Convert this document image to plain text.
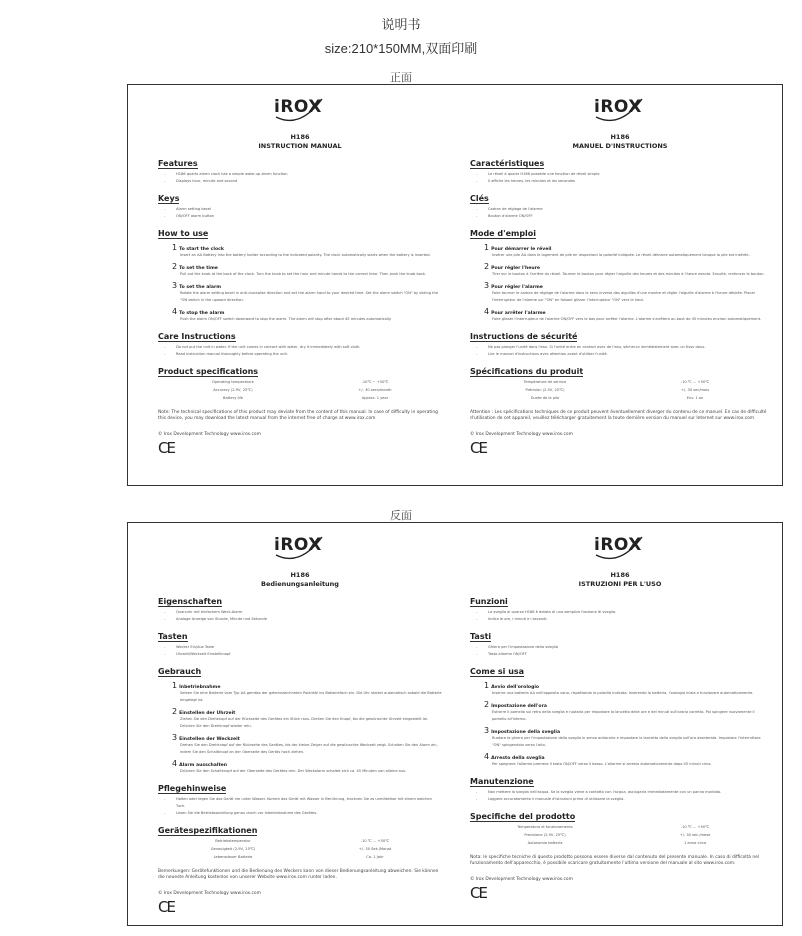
说明书
size:210*150MM,双面印刷
正面
反面
iROX
H186
INSTRUCTION MANUAL
Features
- H186 quartz alarm clock has a simple wake-up alarm function
- Displays hour, minute and second
Keys
- Alarm setting bezel
- ON/OFF alarm button
How to use
1 To start the clock
Insert an AA Battery into the battery holder according to the indicated polarity. The clock automatically starts when the battery is inserted.
2 To set the time
Pull out the knob at the back of the clock. Turn the knob to set the hour and minute hands to the correct time. Then push the knob back.
3 To set the alarm
Rotate the alarm setting bezel in anti-clockwise direction and set the alarm hand to your desired time. Set the alarm switch "ON" by sliding the "ON switch in the upward direction.
4 To stop the alarm
Push the alarm ON/OFF switch downward to stop the alarm. The alarm will stop after about 45 minutes automatically.
Care Instructions
- Do not put the unit in water. If the unit comes in contact with water, dry it immediately with soft cloth.
- Read instruction manual thoroughly before operating the unit.
Product specifications
Operating temperature	-10℃ ~ +50℃
Accuracy (2.9V, 25℃)	+/- 30 secs/month
Battery life	Approx. 1 year
Note: The technical specifications of this product may deviate from the content of this manual. In case of difficulty in operating this device, you may download the latest manual from the internet free of charge at www.irox.com
© Irox Development Technology www.irox.com
CE
iROX
H186
MANUEL D'INSTRUCTIONS
Caractéristiques
- Le réveil à quartz H186 possède une fonction de réveil simple
- Il affiche les heures, les minutes et les secondes
Clés
- Cadran de réglage de l'alarme
- Bouton d'alarme ON/OFF
Mode d'emploi
1 Pour démarrer le réveil
Insérer une pile AA dans le logement de pile en respectant la polarité indiquée. Le réveil démarre automatiquement lorsque la pile est insérée.
2 Pour régler l'heure
Tirer sur le bouton à l'arrière du réveil. Tourner le bouton pour régler l'aiguille des heures et des minutes à l'heure exacte. Ensuite, renfoncer le bouton.
3 Pour régler l'alarme
Faire tourner le cadran de réglage de l'alarme dans le sens inverse des aiguilles d'une montre et régler l'aiguille d'alarme à l'heure désirée. Placer l'interrupteur de l'alarme sur "ON" en faisant glisser l'interrupteur "ON" vers le haut.
4 Pour arrêter l'alarme
Faire glisser l'interrupteur de l'alarme ON/OFF vers le bas pour arrêter l'alarme. L'alarme s'arrêtera au bout de 45 minutes environ automatiquement.
Instructions de sécurité
- Ne pas plonger l'unité dans l'eau. Si l'unité entre en contact avec de l'eau, sécher-la immédiatement avec un tissu doux.
- Lire le manuel d'instructions avec attention avant d'utiliser l'unité.
Spécifications du produit
Température de service	-10 ℃ ... +50℃
Précision (2.5V, 25℃)	+/- 30 sec/mois
Durée de la pile	Env. 1 an
Attention : Les spécifications techniques de ce produit peuvent éventuellement diverger du contenu de ce manuel. En cas de difficulté d'utilisation de cet appareil, veuillez télécharger gratuitement la toute dernière version du manuel sur Internet sur www.irox.com
© Irox Development Technology www.irox.com
CE
iROX
H186
Bedienungsanleitung
Eigenschaften
- Quarzuhr mit einfachem Weck-Alarm
- Analoge Anzeige von Stunde, Minute und Sekunde
Tasten
- Wecker Ein/Aus Taste
- Uhrzeit/Weckzeit Einstellknopf
Gebrauch
1 Inbetriebnahme
Setzen Sie eine Batterie vom Typ AA gemäss der gekennzeichneten Polarität ins Batteriefach ein. Die Uhr startet automatisch sobald die Batterie eingelegt ist.
2 Einstellen der Uhrzeit
Ziehen Sie den Drehknopf auf der Rückseite des Gerätes ein Stück raus. Drehen Sie den Knopf, bis die gewünschte Uhrzeit eingestellt ist. Drücken Sie den Drehknopf wieder rein.
3 Einstellen der Weckzeit
Drehen Sie den Drehknopf auf der Rückseite des Gerätes, bis der kleine Zeiger auf die gewünschte Weckzeit zeigt. Schalten Sie den Alarm ein, indem Sie den Schaltknopf an der Oberseite des Geräts hoch ziehen.
4 Alarm ausschalten
Drücken Sie den Schaltknopf auf der Oberseite des Gerätes rein. Der Weckalarm schaltet sich ca. 45 Minuten von alleine aus.
Pflegehinweise
- Halten oder legen Sie das Gerät nie unter Wasser. Kommt das Gerät mit Wasser in Berührung, trocknen Sie es unmittelbar mit einem weichen Tuch.
- Lesen Sie die Betriebsanleitung genau durch vor Inbetriebnahme des Gerätes.
Gerätespezifikationen
Betriebstemperatur	-10 ℃ ... +50℃
Genauigkeit (2.9V, 25℃)	+/- 30 Sek./Monat
Lebensdauer Batterie	Ca. 1 Jahr
Bemerkungen: Gerätefunktionen und die Bedienung des Weckers kann von dieser Bedienungsanleitung abweichen. Sie können die neueste Anleitung kostenlos von unserer Website www.irox.com runter laden.
© Irox Development Technology www.irox.com
CE
iROX
H186
ISTRUZIONI PER L'USO
Funzioni
- La sveglia al quarzo H186 è dotata di una semplice funzione di sveglia.
- Indica le ore, i minuti e i secondi.
Tasti
- Ghiera per l'impostazione della sveglia
- Tasto allarme ON/OFF
Come si usa
1 Avvio dell'orologio
Inserire una batteria AA nell'apposito vano, rispettando la polarità indicata. Inserendo la batteria, l'orologio inizia a funzionare automaticamente.
2 Impostazione dell'ora
Estrarre il pomello sul retro della sveglia e ruotarlo per impostare la lancetta delle ore e dei minuti sull'orario corretto. Poi spingere nuovamente il pomello all'interno.
3 Impostazione della sveglia
Ruotare la ghiera per l'impostazione della sveglia in senso antiorario e impostare la lancetta della sveglia sull'ora desiderata. Impostare l'interruttore "ON" spingendolo verso l'alto.
4 Arresto della sveglia
Per spegnere l'allarme premere il tasto ON/OFF verso il basso. L'allarme si arresta automaticamente dopo 45 minuti circa.
Manutenzione
- Non mettere la sveglia nell'acqua. Se la sveglia viene a contatto con l'acqua, asciugarla immediatamente con un panno morbido.
- Leggere accuratamente il manuale d'istruzioni prima di utilizzare la sveglia.
Specifiche del prodotto
Temperatura di funzionamento	-10 ℃ ... +50℃
Precisione (2.9V, 25℃)	+/- 30 sec./mese
Autonomia batteria	1 anno circa
Nota: le specifiche tecniche di questo prodotto possono essere diverse dal contenuto del presente manuale. In caso di difficoltà nel funzionamento dell'apparecchio, è possibile scaricare gratuitamente l'ultima versione del manuale al sito www.irox.com.
© Irox Development Technology www.irox.com
CE
